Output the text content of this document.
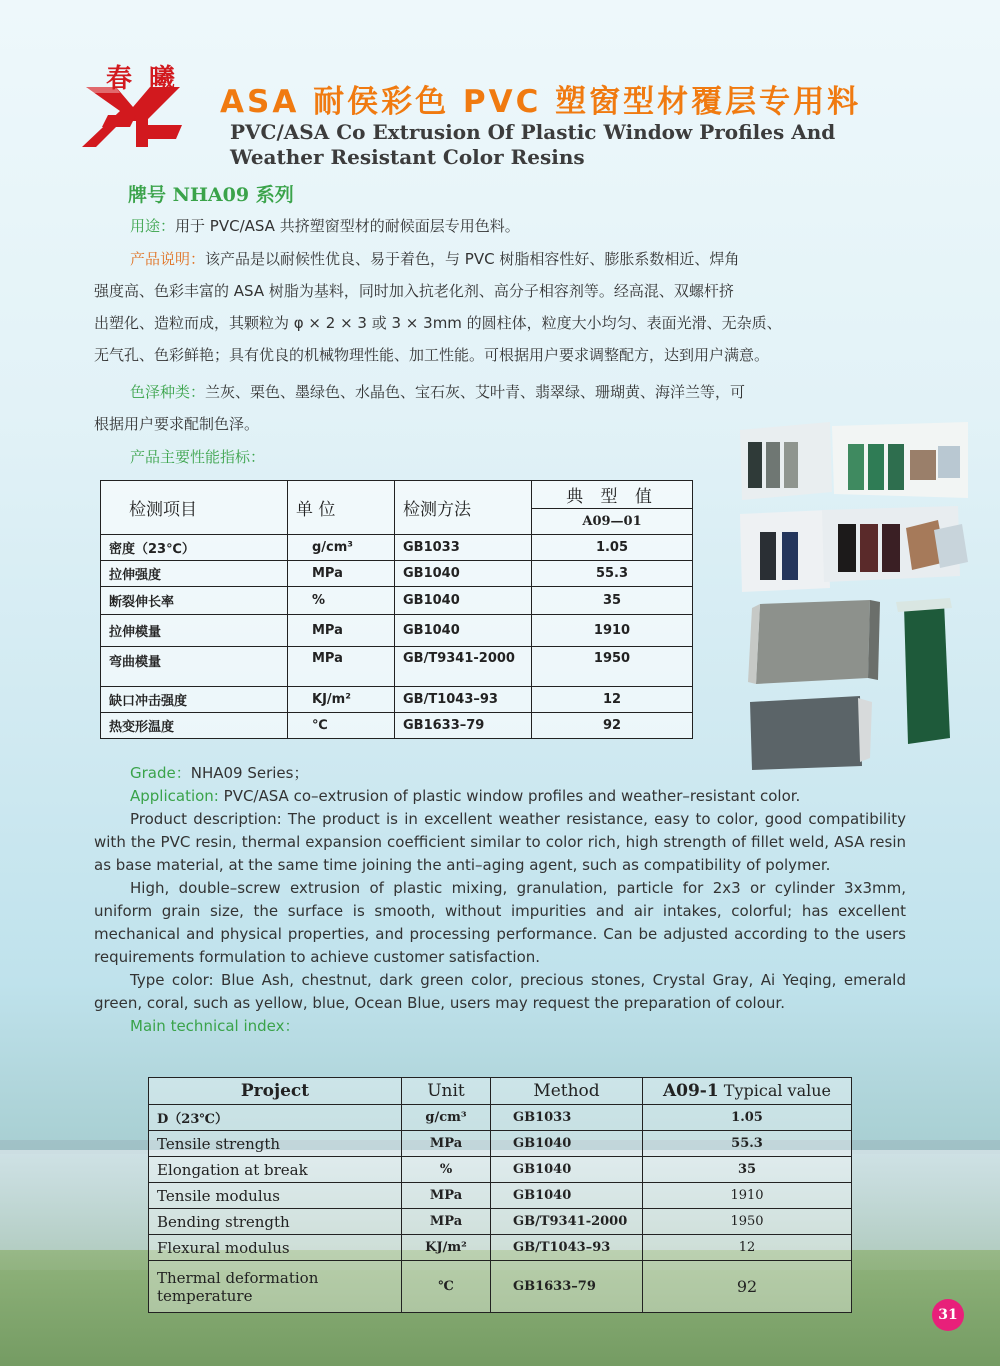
春 曦
ASA 耐侯彩色 PVC 塑窗型材覆层专用料
PVC/ASA Co Extrusion Of Plastic Window Profiles And
Weather Resistant Color Resins
牌号 NHA09 系列
用途：用于 PVC/ASA 共挤塑窗型材的耐候面层专用色料。
产品说明：该产品是以耐候性优良、易于着色，与 PVC 树脂相容性好、膨胀系数相近、焊角
强度高、色彩丰富的 ASA 树脂为基料，同时加入抗老化剂、高分子相容剂等。经高混、双螺杆挤
出塑化、造粒而成，其颗粒为 φ × 2 × 3 或 3 × 3mm 的圆柱体，粒度大小均匀、表面光滑、无杂质、
无气孔、色彩鲜艳；具有优良的机械物理性能、加工性能。可根据用户要求调整配方，达到用户满意。
色泽种类：兰灰、栗色、墨绿色、水晶色、宝石灰、艾叶青、翡翠绿、珊瑚黄、海洋兰等，可
根据用户要求配制色泽。
产品主要性能指标：
检测项目	单 位	检测方法	典 型 值
			A09—01
密度（23℃）	g/cm³	GB1033	1.05
拉伸强度	MPa	GB1040	55.3
断裂伸长率	%	GB1040	35
拉伸模量	MPa	GB1040	1910
弯曲模量	MPa	GB/T9341-2000	1950
缺口冲击强度	KJ/m²	GB/T1043–93	12
热变形温度	℃	GB1633–79	92

Grade：NHA09 Series；

Application: PVC/ASA co–extrusion of plastic window profiles and weather–resistant color.

Product description: The product is in excellent weather resistance, easy to color, good compatibility with the PVC resin, thermal expansion coefficient similar to color rich, high strength of fillet weld, ASA resin as base material, at the same time joining the anti–aging agent, such as compatibility of polymer.

High, double–screw extrusion of plastic mixing, granulation, particle for 2x3 or cylinder 3x3mm, uniform grain size, the surface is smooth, without impurities and air intakes, colorful; has excellent mechanical and physical properties, and processing performance. Can be adjusted according to the users requirements formulation to achieve customer satisfaction.

Type color: Blue Ash, chestnut, dark green color, precious stones, Crystal Gray, Ai Yeqing, emerald green, coral, such as yellow, blue, Ocean Blue, users may request the preparation of colour.

Main technical index：

Project	Unit	Method	A09-1 Typical value
D（23℃）	g/cm³	GB1033	1.05
Tensile strength	MPa	GB1040	55.3
Elongation at break	%	GB1040	35
Tensile modulus	MPa	GB1040	1910
Bending strength	MPa	GB/T9341-2000	1950
Flexural modulus	KJ/m²	GB/T1043–93	12
Thermal deformation temperature	℃	GB1633–79	92
31
